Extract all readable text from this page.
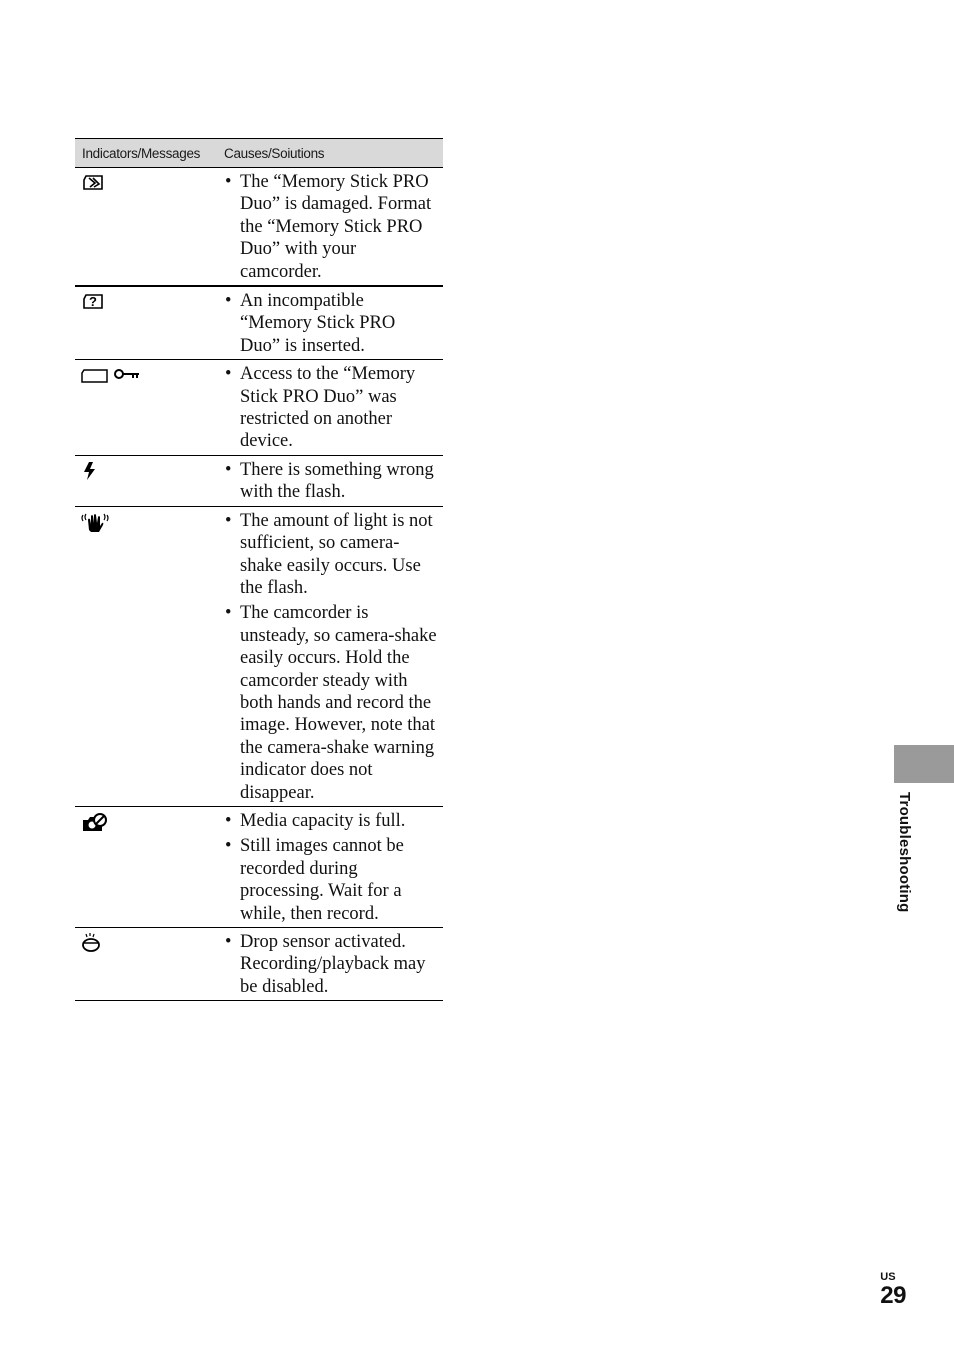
Indicators/Messages	Causes/Soiutions
• The “Memory Stick PRO Duo” is damaged. Format the “Memory Stick PRO Duo” with your camcorder.
?	• An incompatible “Memory Stick PRO Duo” is inserted.
• Access to the “Memory Stick PRO Duo” was restricted on another device.
• There is something wrong with the flash.
• The amount of light is not sufficient, so camera-shake easily occurs. Use the flash.
• The camcorder is unsteady, so camera-shake easily occurs. Hold the camcorder steady with both hands and record the image. However, note that the camera-shake warning indicator does not disappear.
• Media capacity is full.
• Still images cannot be recorded during processing. Wait for a while, then record.
• Drop sensor activated. Recording/playback may be disabled.
Troubleshooting
US
29
